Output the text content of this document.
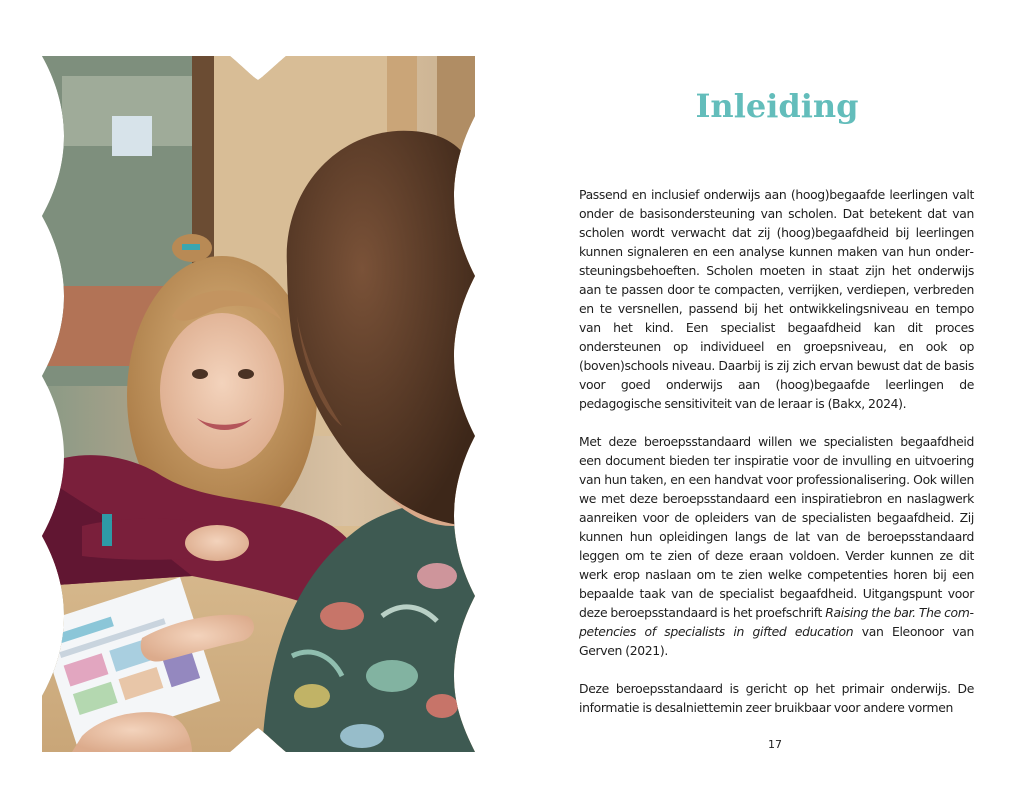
Inleiding

Passend en inclusief onderwijs aan (hoog)begaafde leerlingen valt onder de basisondersteuning van scholen. Dat betekent dat van scholen wordt verwacht dat zij (hoog)begaafdheid bij leerlingen kunnen signaleren en een analyse kunnen maken van hun ondersteuningsbehoeften. Scholen moeten in staat zijn het onderwijs aan te passen door te compacten, verrijken, verdiepen, verbreden en te versnellen, passend bij het ontwikkelingsniveau en tempo van het kind. Een specialist begaafdheid kan dit proces ondersteunen op individueel en groepsniveau, en ook op (boven)schools niveau. Daarbij is zij zich ervan bewust dat de basis voor goed onderwijs aan (hoog)begaafde leerlingen de pedagogische sensitiviteit van de leraar is (Bakx, 2024).

Met deze beroepsstandaard willen we specialisten begaafdheid een document bieden ter inspiratie voor de invulling en uitvoering van hun taken, en een handvat voor professionalisering. Ook willen we met deze beroepsstandaard een inspiratiebron en naslagwerk aanreiken voor de opleiders van de specialisten begaafdheid. Zij kunnen hun opleidingen langs de lat van de beroepsstandaard leggen om te zien of deze eraan voldoen. Verder kunnen ze dit werk erop naslaan om te zien welke competenties horen bij een bepaalde taak van de specialist begaafdheid. Uitgangspunt voor deze beroepsstandaard is het proefschrift Raising the bar. The competencies of specialists in gifted education van Eleonoor van Gerven (2021).

Deze beroepsstandaard is gericht op het primair onderwijs. De informatie is desalniettemin zeer bruikbaar voor andere vormen

17
